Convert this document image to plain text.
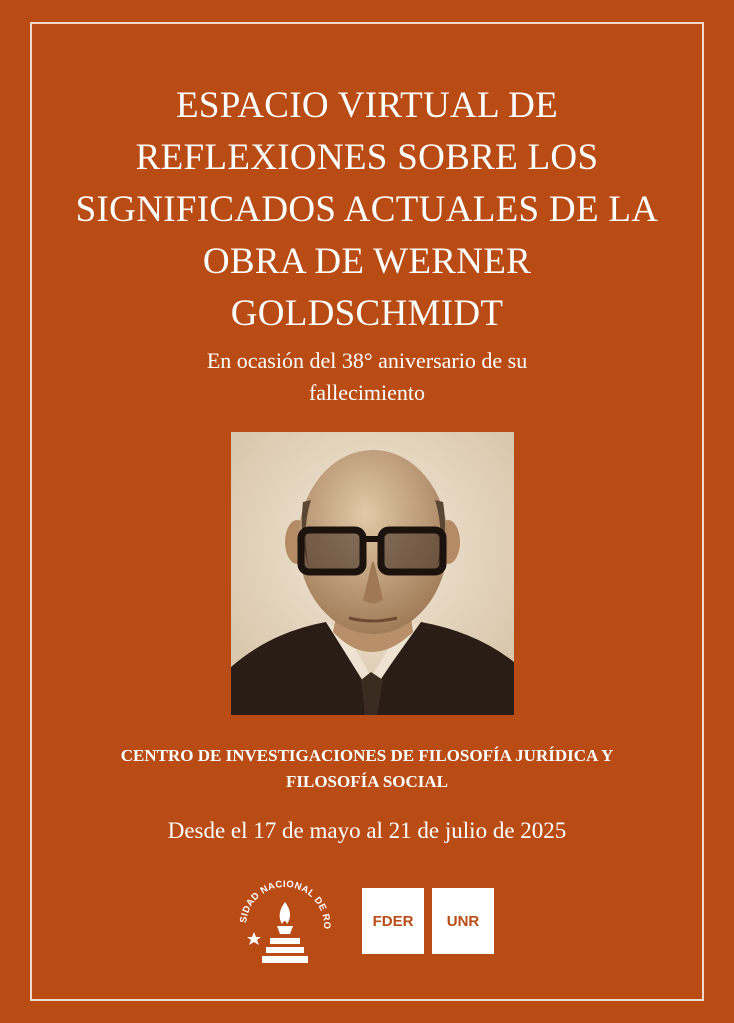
ESPACIO VIRTUAL DE
REFLEXIONES SOBRE LOS
SIGNIFICADOS ACTUALES DE LA
OBRA DE WERNER
GOLDSCHMIDT
En ocasión del 38° aniversario de su
fallecimiento
CENTRO DE INVESTIGACIONES DE FILOSOFÍA JURÍDICA Y
FILOSOFÍA SOCIAL
Desde el 17 de mayo al 21 de julio de 2025
SIDAD NACIONAL DE RO	FDER	UNR
